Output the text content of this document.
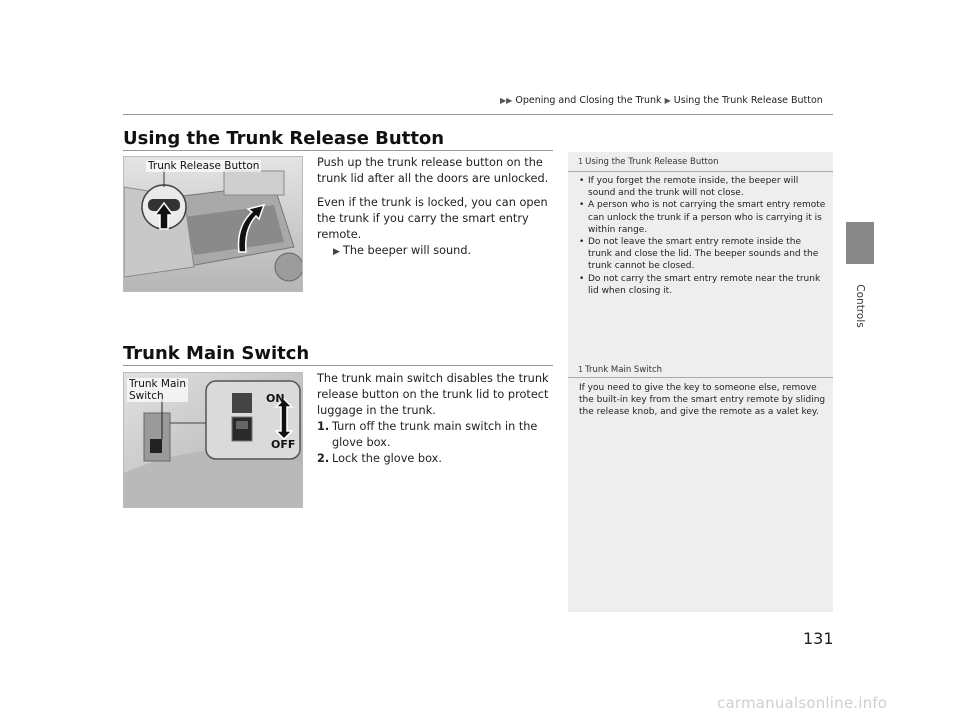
▶▶ Opening and Closing the Trunk ▶ Using the Trunk Release Button
Controls
Using the Trunk Release Button
Trunk Release Button	Push up the trunk release button on the trunk lid after all the doors are unlocked.

Even if the trunk is locked, you can open the trunk if you carry the smart entry remote.

▶ The beeper will sound.
Trunk Main Switch
Trunk Main
Switch	ON
OFF

The trunk main switch disables the trunk release button on the trunk lid to protect luggage in the trunk.

1. Turn off the trunk main switch in the glove box.
2. Lock the glove box.
1 Using the Trunk Release Button
• If you forget the remote inside, the beeper will sound and the trunk will not close.
• A person who is not carrying the smart entry remote can unlock the trunk if a person who is carrying it is within range.
• Do not leave the smart entry remote inside the trunk and close the lid. The beeper sounds and the trunk cannot be closed.
• Do not carry the smart entry remote near the trunk lid when closing it.
1 Trunk Main Switch
If you need to give the key to someone else, remove the built-in key from the smart entry remote by sliding the release knob, and give the remote as a valet key.
131
carmanualsonline.info
